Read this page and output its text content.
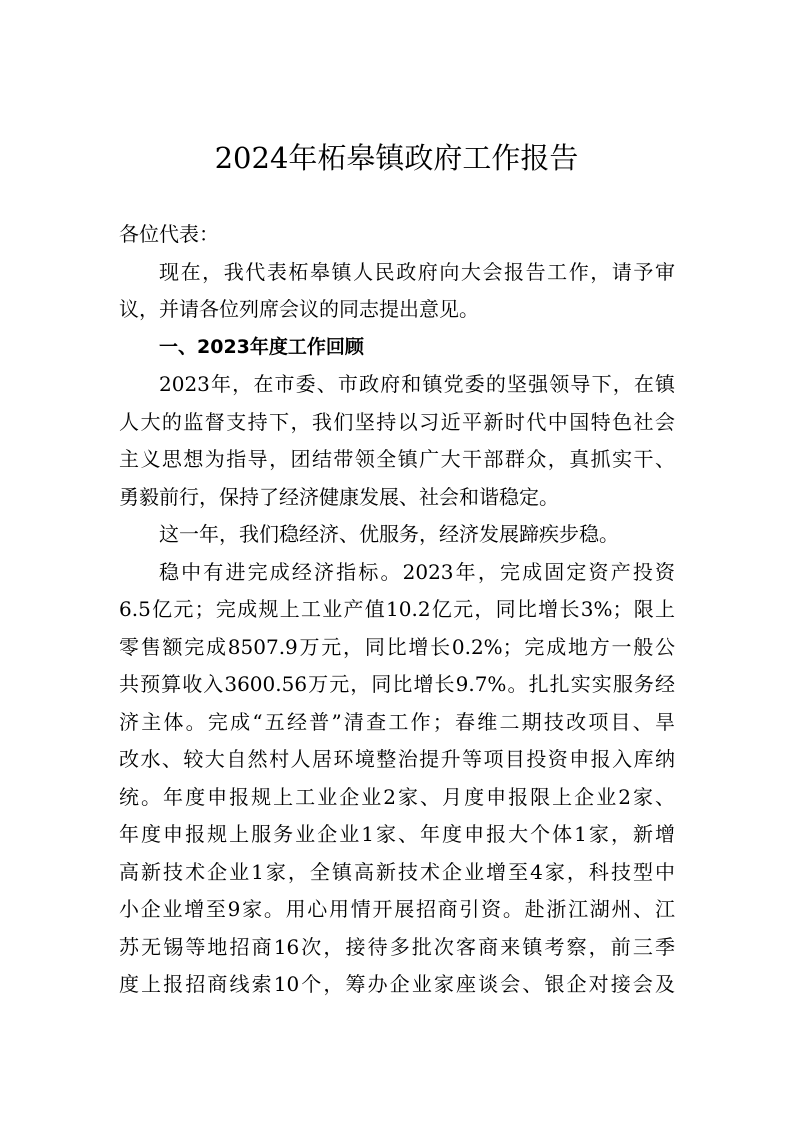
2024年柘皋镇政府工作报告

各位代表：

现在，我代表柘皋镇人民政府向大会报告工作，请予审
议，并请各位列席会议的同志提出意见。

一、2023年度工作回顾

2023年，在市委、市政府和镇党委的坚强领导下，在镇
人大的监督支持下，我们坚持以习近平新时代中国特色社会
主义思想为指导，团结带领全镇广大干部群众，真抓实干、
勇毅前行，保持了经济健康发展、社会和谐稳定。

这一年，我们稳经济、优服务，经济发展蹄疾步稳。

稳中有进完成经济指标。2023年，完成固定资产投资
6.5亿元；完成规上工业产值10.2亿元，同比增长3%；限上
零售额完成8507.9万元，同比增长0.2%；完成地方一般公
共预算收入3600.56万元，同比增长9.7%。扎扎实实服务经
济主体。完成“五经普”清查工作；春维二期技改项目、旱
改水、较大自然村人居环境整治提升等项目投资申报入库纳
统。年度申报规上工业企业2家、月度申报限上企业2家、
年度申报规上服务业企业1家、年度申报大个体1家，新增
高新技术企业1家，全镇高新技术企业增至4家，科技型中
小企业增至9家。用心用情开展招商引资。赴浙江湖州、江
苏无锡等地招商16次，接待多批次客商来镇考察，前三季
度上报招商线索10个，筹办企业家座谈会、银企对接会及
